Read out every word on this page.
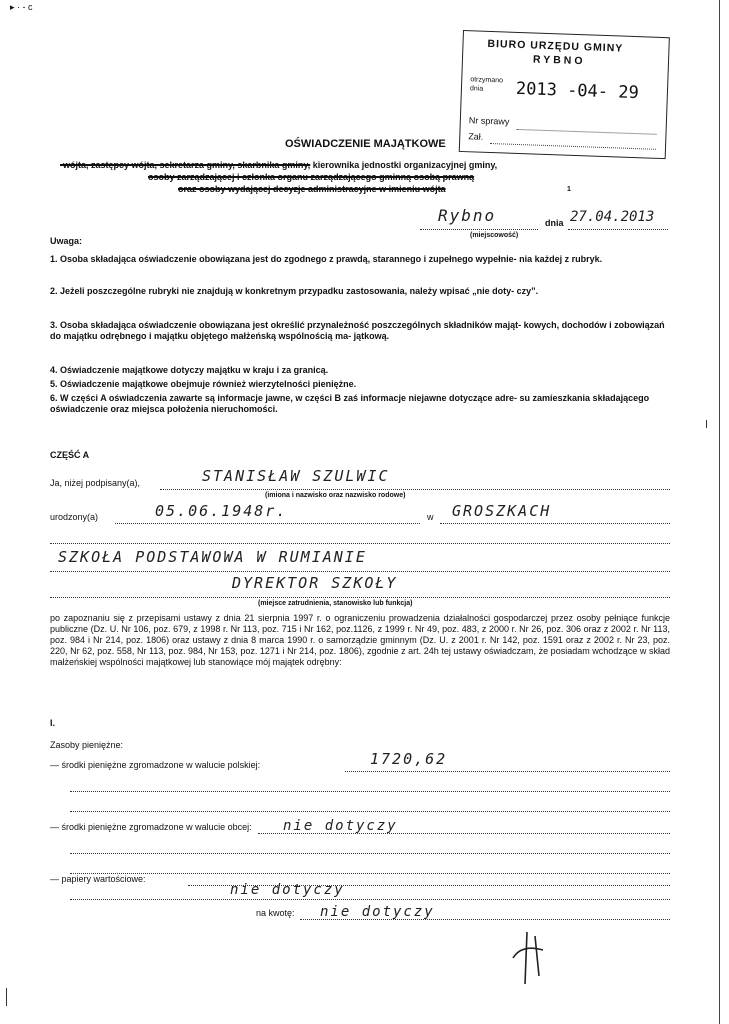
▸ · ‑ c
BIURO URZĘDU GMINY
RYBNO
otrzymano dnia	2013 -04- 29
Nr sprawy
Zał.
OŚWIADCZENIE MAJĄTKOWE
-wójta, zastępcy wójta, sekretarza gminy, skarbnika gminy, kierownika jednostki organizacyjnej gminy,
osoby zarządzającej i członka organu zarządzającego gminną osobą prawną
oraz osoby wydającej decyzje administracyjne w imieniu wójta	1
Rybno
(miejscowość)
dnia 27.04.2013
Uwaga:
1. Osoba składająca oświadczenie obowiązana jest do zgodnego z prawdą, starannego i zupełnego wypełnie- nia każdej z rubryk.
2. Jeżeli poszczególne rubryki nie znajdują w konkretnym przypadku zastosowania, należy wpisać „nie doty- czy”.
3. Osoba składająca oświadczenie obowiązana jest określić przynależność poszczególnych składników mająt- kowych, dochodów i zobowiązań do majątku odrębnego i majątku objętego małżeńską wspólnością ma- jątkową.
4. Oświadczenie majątkowe dotyczy majątku w kraju i za granicą.
5. Oświadczenie majątkowe obejmuje również wierzytelności pieniężne.
6. W części A oświadczenia zawarte są informacje jawne, w części B zaś informacje niejawne dotyczące adre- su zamieszkania składającego oświadczenie oraz miejsca położenia nieruchomości.
CZĘŚĆ A
Ja, niżej podpisany(a),	STANISŁAW SZULWIC
(imiona i nazwisko oraz nazwisko rodowe)
urodzony(a)	05.06.1948r.	w GROSZKACH
SZKOŁA PODSTAWOWA W RUMIANIE
DYREKTOR SZKOŁY
(miejsce zatrudnienia, stanowisko lub funkcja)
po zapoznaniu się z przepisami ustawy z dnia 21 sierpnia 1997 r. o ograniczeniu prowadzenia działalności gospodarczej przez osoby pełniące funkcje publiczne (Dz. U. Nr 106, poz. 679, z 1998 r. Nr 113, poz. 715 i Nr 162, poz.1126, z 1999 r. Nr 49, poz. 483, z 2000 r. Nr 26, poz. 306 oraz z 2002 r. Nr 113, poz. 984 i Nr 214, poz. 1806) oraz ustawy z dnia 8 marca 1990 r. o samorządzie gminnym (Dz. U. z 2001 r. Nr 142, poz. 1591 oraz z 2002 r. Nr 23, poz. 220, Nr 62, poz. 558, Nr 113, poz. 984, Nr 153, poz. 1271 i Nr 214, poz. 1806), zgodnie z art. 24h tej ustawy oświadczam, że posiadam wchodzące w skład małżeńskiej wspólności majątkowej lub stanowiące mój majątek odrębny:
I.
Zasoby pieniężne:
— środki pieniężne zgromadzone w walucie polskiej:	1720,62
— środki pieniężne zgromadzone w walucie obcej: nie dotyczy
— papiery wartościowe:
nie dotyczy
na kwotę: nie dotyczy
